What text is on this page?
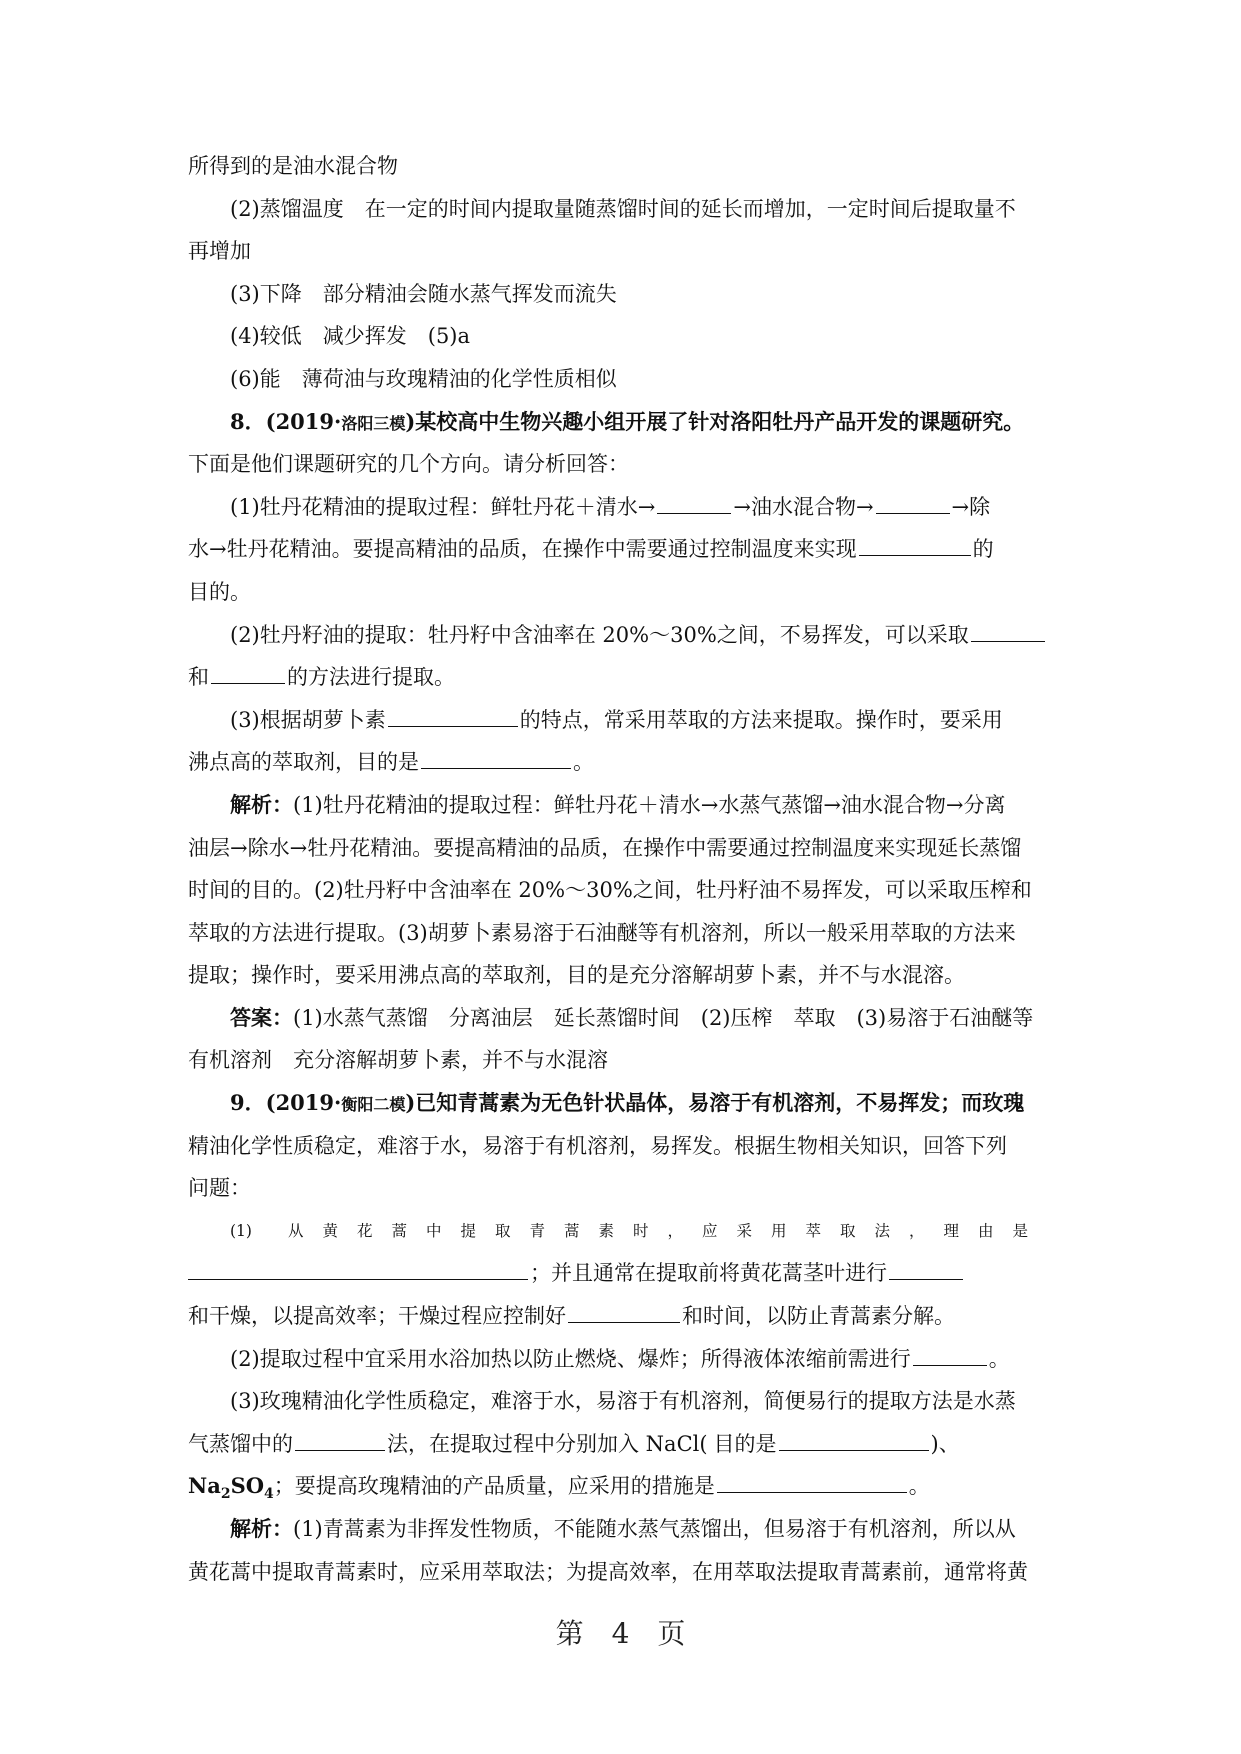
所得到的是油水混合物
(2)蒸馏温度　在一定的时间内提取量随蒸馏时间的延长而增加，一定时间后提取量不
再增加
(3)下降　部分精油会随水蒸气挥发而流失
(4)较低　减少挥发　(5)a
(6)能　薄荷油与玫瑰精油的化学性质相似
8．(2019·洛阳三模)某校高中生物兴趣小组开展了针对洛阳牡丹产品开发的课题研究。
下面是他们课题研究的几个方向。请分析回答：
(1)牡丹花精油的提取过程：鲜牡丹花＋清水→	→油水混合物→	→除
水→牡丹花精油。要提高精油的品质，在操作中需要通过控制温度来实现	的
目的。
(2)牡丹籽油的提取：牡丹籽中含油率在 20%～30%之间，不易挥发，可以采取
和	的方法进行提取。
(3)根据胡萝卜素	的特点，常采用萃取的方法来提取。操作时，要采用
沸点高的萃取剂，目的是	。
解析：(1)牡丹花精油的提取过程：鲜牡丹花＋清水→水蒸气蒸馏→油水混合物→分离
油层→除水→牡丹花精油。要提高精油的品质，在操作中需要通过控制温度来实现延长蒸馏
时间的目的。(2)牡丹籽中含油率在 20%～30%之间，牡丹籽油不易挥发，可以采取压榨和
萃取的方法进行提取。(3)胡萝卜素易溶于石油醚等有机溶剂，所以一般采用萃取的方法来
提取；操作时，要采用沸点高的萃取剂，目的是充分溶解胡萝卜素，并不与水混溶。
答案：(1)水蒸气蒸馏　分离油层　延长蒸馏时间　(2)压榨　萃取　(3)易溶于石油醚等
有机溶剂　充分溶解胡萝卜素，并不与水混溶
9．(2019·衡阳二模)已知青蒿素为无色针状晶体，易溶于有机溶剂，不易挥发；而玫瑰
精油化学性质稳定，难溶于水，易溶于有机溶剂，易挥发。根据生物相关知识，回答下列
问题：
(1) 从黄花蒿中提取青蒿素时，应采用萃取法，理由是
；并且通常在提取前将黄花蒿茎叶进行
和干燥，以提高效率；干燥过程应控制好	和时间，以防止青蒿素分解。
(2)提取过程中宜采用水浴加热以防止燃烧、爆炸；所得液体浓缩前需进行	。
(3)玫瑰精油化学性质稳定，难溶于水，易溶于有机溶剂，简便易行的提取方法是水蒸
气蒸馏中的	法，在提取过程中分别加入 NaCl( 目的是	)、
$Na_2SO_4$；要提高玫瑰精油的产品质量，应采用的措施是	。
解析：(1)青蒿素为非挥发性物质，不能随水蒸气蒸馏出，但易溶于有机溶剂，所以从
黄花蒿中提取青蒿素时，应采用萃取法；为提高效率，在用萃取法提取青蒿素前，通常将黄
第　4　页
